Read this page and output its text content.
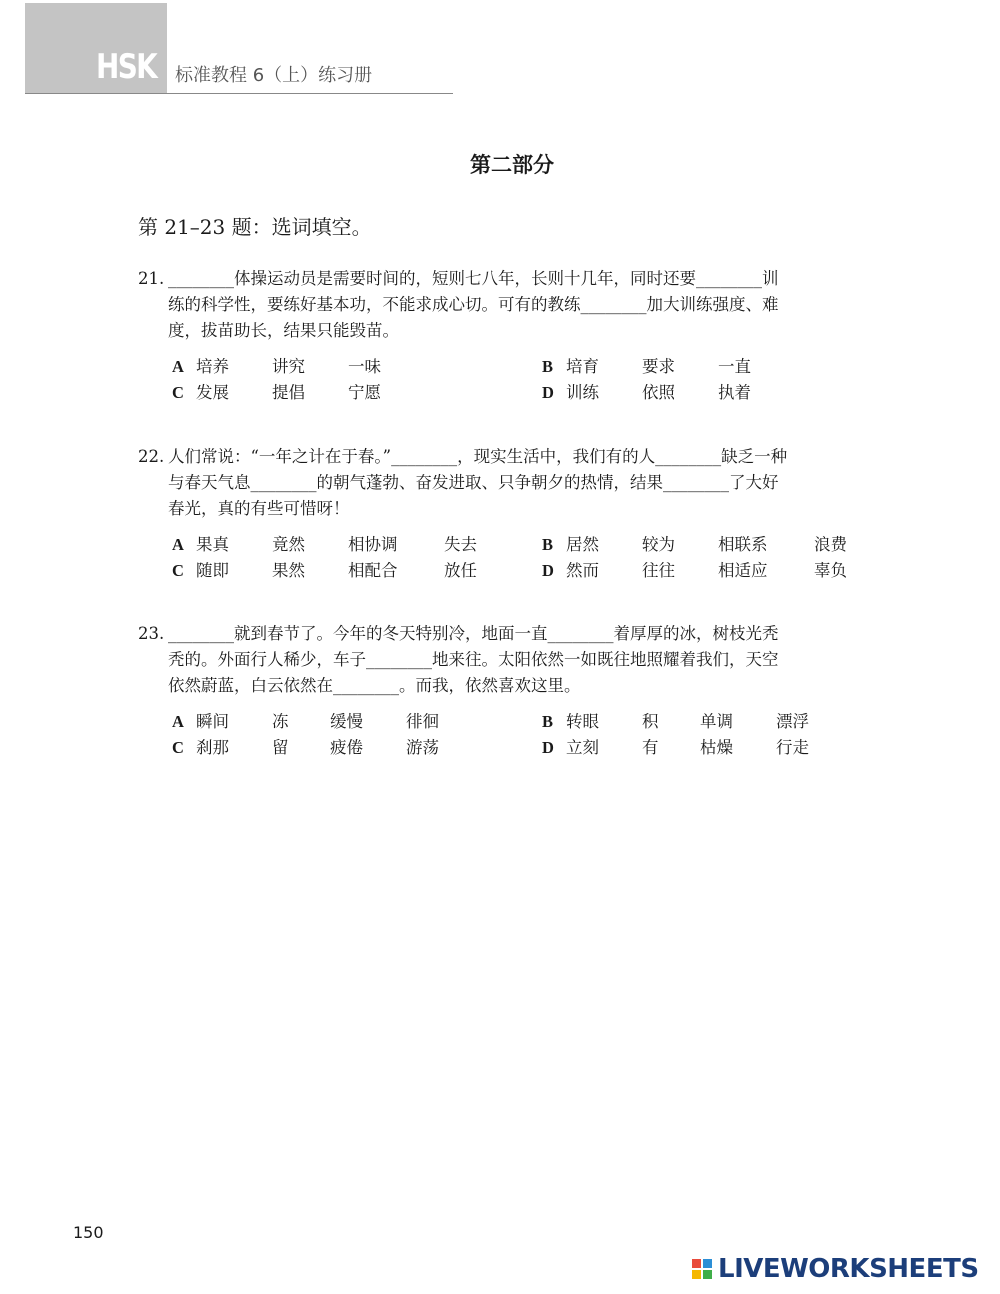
HSK 标准教程 6（上）练习册
第二部分
第 21–23 题：选词填空。
21. ________体操运动员是需要时间的，短则七八年，长则十几年，同时还要________训
练的科学性，要练好基本功，不能求成心切。可有的教练________加大训练强度、难
度，拔苗助长，结果只能毁苗。
A 培养	讲究	一味	B 培育	要求	一直
C 发展	提倡	宁愿	D 训练	依照	执着
22. 人们常说：“一年之计在于春。”________，现实生活中，我们有的人________缺乏一种
与春天气息________的朝气蓬勃、奋发进取、只争朝夕的热情，结果________了大好
春光，真的有些可惜呀！
A 果真	竟然	相协调	失去	B 居然	较为	相联系	浪费
C 随即	果然	相配合	放任	D 然而	往往	相适应	辜负
23. ________就到春节了。今年的冬天特别冷，地面一直________着厚厚的冰，树枝光秃
秃的。外面行人稀少，车子________地来往。太阳依然一如既往地照耀着我们，天空
依然蔚蓝，白云依然在________。而我，依然喜欢这里。
A 瞬间	冻	缓慢	徘徊	B 转眼	积	单调	漂浮
C 刹那	留	疲倦	游荡	D 立刻	有	枯燥	行走
150
LIVEWORKSHEETS
